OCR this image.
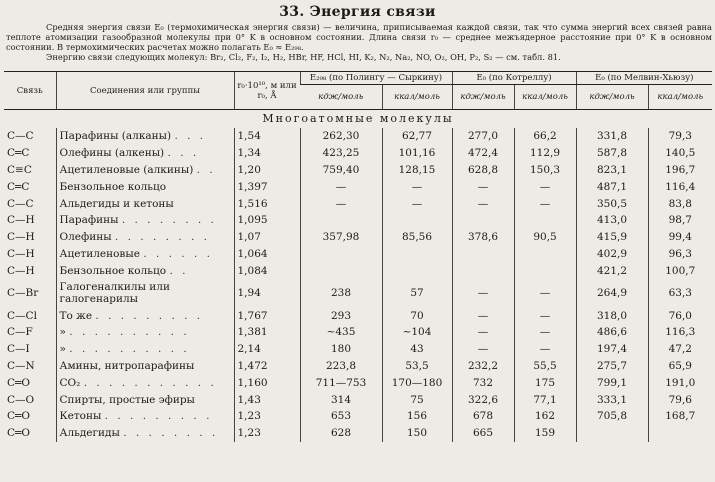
33. Энергия связи

Средняя энергия связи E₀ (термохимическая энергия связи) — величина, приписываемая каждой связи, так что сумма энергий всех связей равна теплоте атомизации газообразной молекулы при 0° K в основном состоянии. Длина связи r₀ — среднее межъядерное расстояние при 0° K в основном состоянии. В термохимических расчетах можно полагать E₀ ≈ E₂₉₈.

Энергию связи следующих молекул: Br₂, Cl₂, F₂, I₂, H₂, HBr, HF, HCl, HI, K₂, N₂, Na₂, NO, O₂, OH, P₂, S₂ — см. табл. 81.

Связь	Соединения или группы	r₀·10¹⁰, м или r₀, Å	E₂₉₈ (по Полингу — Сыркину)		E₀ (по Котреллу)		E₀ (по Мелвин-Хьюзу)	
			кдж/моль	ккал/моль	кдж/моль	ккал/моль	кдж/моль	ккал/моль
Многоатомные молекулы								
C—C	Парафины (алканы) . . .	1,54	262,30	62,77	277,0	66,2	331,8	79,3
C═C	Олефины (алкены) . . .	1,34	423,25	101,16	472,4	112,9	587,8	140,5
C≡C	Ацетиленовые (алкины) . .	1,20	759,40	128,15	628,8	150,3	823,1	196,7
C═C	Бензольное кольцо	1,397	—	—	—	—	487,1	116,4
C—C	Альдегиды и кетоны	1,516	—	—	—	—	350,5	83,8
C—H	Парафины . . . . . . . .	1,095					413,0	98,7
C—H	Олефины . . . . . . . .	1,07	357,98	85,56	378,6	90,5	415,9	99,4
C—H	Ацетиленовые . . . . . .	1,064					402,9	96,3
C—H	Бензольное кольцо . .	1,084					421,2	100,7
C—Br	Галогеналкилы или галогенарилы	1,94	238	57	—	—	264,9	63,3
C—Cl	То же . . . . . . . . .	1,767	293	70	—	—	318,0	76,0
C—F	» . . . . . . . . . .	1,381	~435	~104	—	—	486,6	116,3
C—I	» . . . . . . . . . .	2,14	180	43	—	—	197,4	47,2
C—N	Амины, нитропарафины	1,472	223,8	53,5	232,2	55,5	275,7	65,9
C═O	CO₂ . . . . . . . . . . .	1,160	711—753	170—180	732	175	799,1	191,0
C—O	Спирты, простые эфиры	1,43	314	75	322,6	77,1	333,1	79,6
C═O	Кетоны . . . . . . . . .	1,23	653	156	678	162	705,8	168,7
C═O	Альдегиды . . . . . . . .	1,23	628	150	665	159		
